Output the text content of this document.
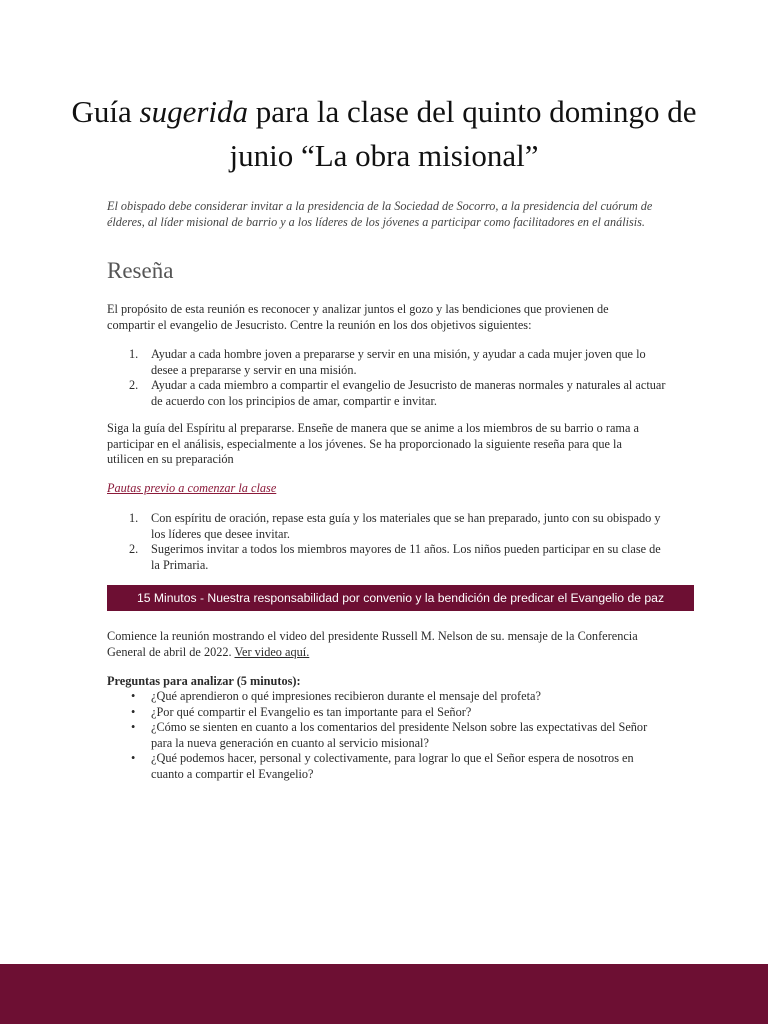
Guía sugerida para la clase del quinto domingo de junio “La obra misional”

El obispado debe considerar invitar a la presidencia de la Sociedad de Socorro, a la presidencia del cuórum de élderes, al líder misional de barrio y a los líderes de los jóvenes a participar como facilitadores en el análisis.

Reseña

El propósito de esta reunión es reconocer y analizar juntos el gozo y las bendiciones que provienen de compartir el evangelio de Jesucristo. Centre la reunión en los dos objetivos siguientes:

1. Ayudar a cada hombre joven a prepararse y servir en una misión, y ayudar a cada mujer joven que lo desee a prepararse y servir en una misión.
2. Ayudar a cada miembro a compartir el evangelio de Jesucristo de maneras normales y naturales al actuar de acuerdo con los principios de amar, compartir e invitar.

Siga la guía del Espíritu al prepararse. Enseñe de manera que se anime a los miembros de su barrio o rama a participar en el análisis, especialmente a los jóvenes. Se ha proporcionado la siguiente reseña para que la utilicen en su preparación

Pautas previo a comenzar la clase
1. Con espíritu de oración, repase esta guía y los materiales que se han preparado, junto con su obispado y los líderes que desee invitar.
2. Sugerimos invitar a todos los miembros mayores de 11 años. Los niños pueden participar en su clase de la Primaria.
15 Minutos - Nuestra responsabilidad por convenio y la bendición de predicar el Evangelio de paz

Comience la reunión mostrando el video del presidente Russell M. Nelson de su. mensaje de la Conferencia General de abril de 2022. Ver video aquí.

Preguntas para analizar (5 minutos):

• ¿Qué aprendieron o qué impresiones recibieron durante el mensaje del profeta?
• ¿Por qué compartir el Evangelio es tan importante para el Señor?
• ¿Cómo se sienten en cuanto a los comentarios del presidente Nelson sobre las expectativas del Señor para la nueva generación en cuanto al servicio misional?
• ¿Qué podemos hacer, personal y colectivamente, para lograr lo que el Señor espera de nosotros en cuanto a compartir el Evangelio?
